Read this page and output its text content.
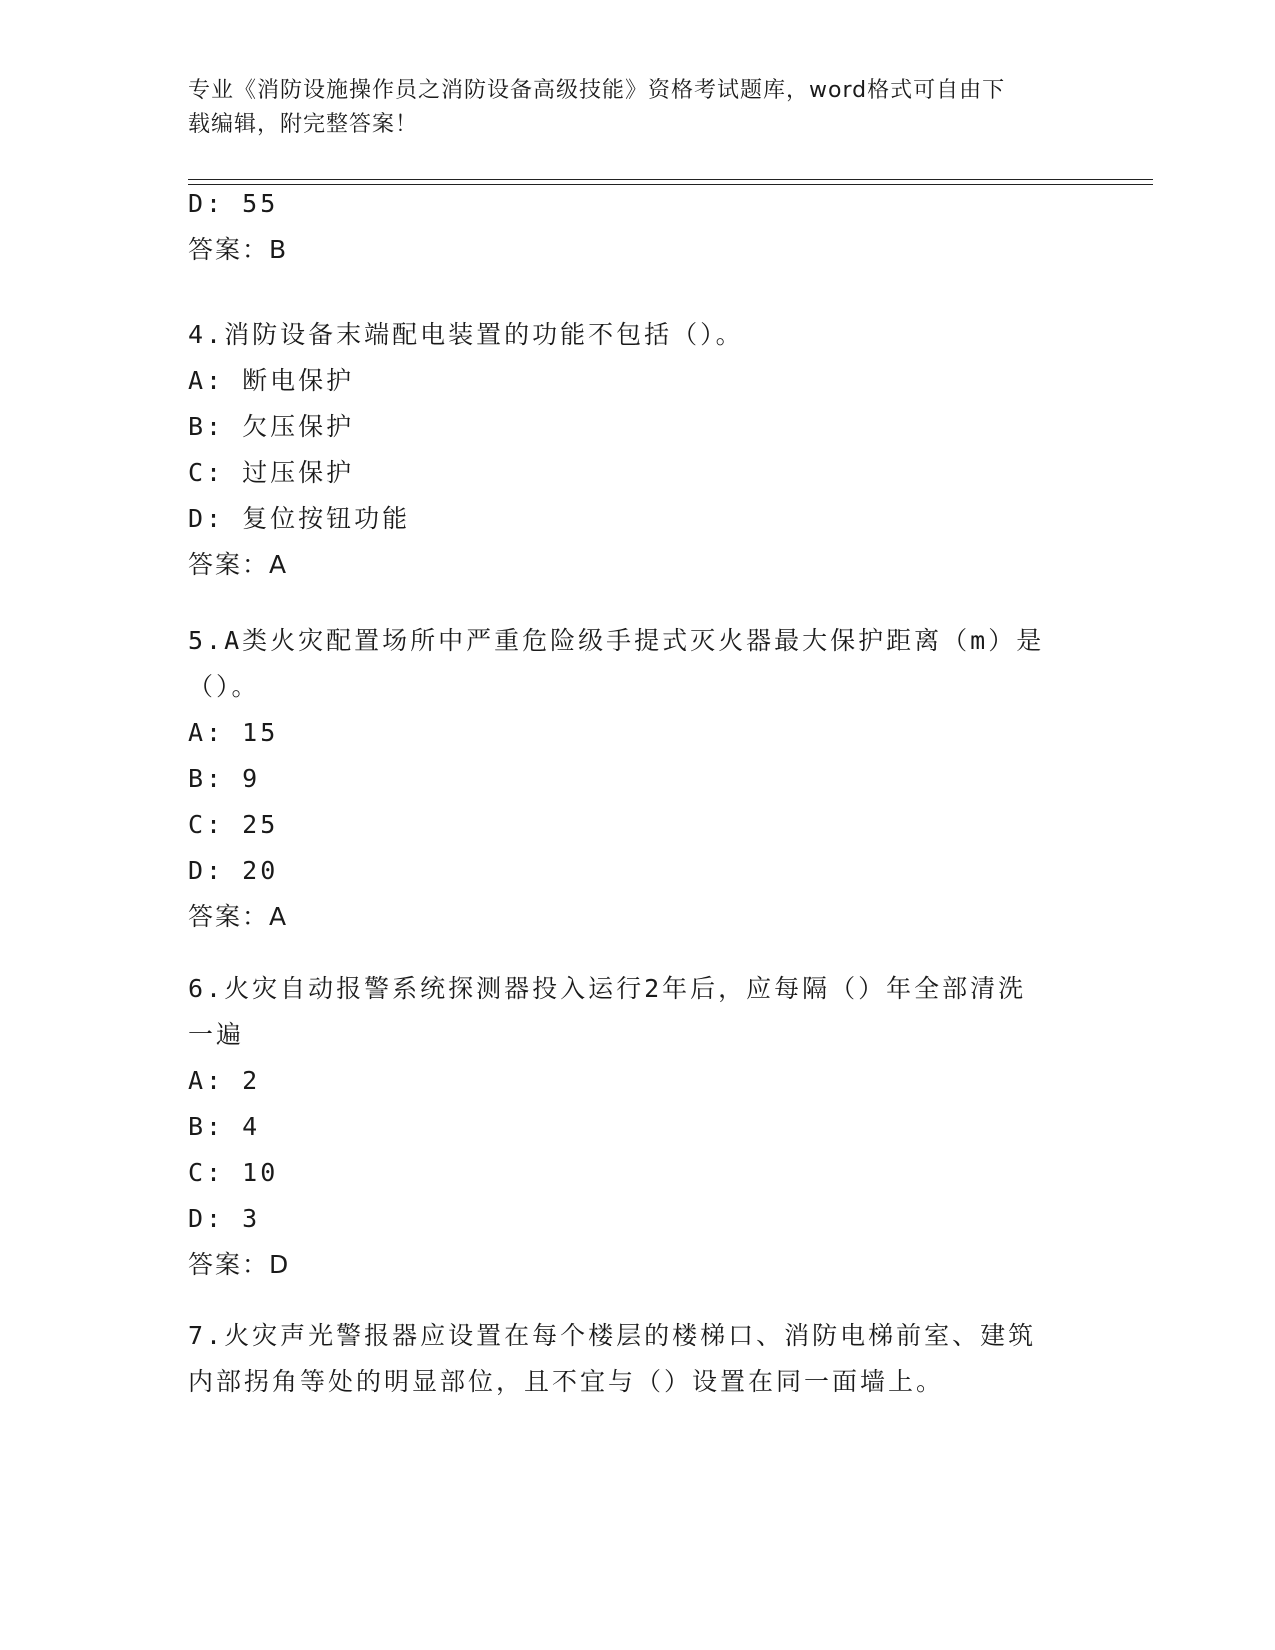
专业《消防设施操作员之消防设备高级技能》资格考试题库，word格式可自由下
载编辑，附完整答案！
D: 55
答案：B
4.消防设备末端配电装置的功能不包括（）。
A: 断电保护
B: 欠压保护
C: 过压保护
D: 复位按钮功能
答案：A
5.A类火灾配置场所中严重危险级手提式灭火器最大保护距离（m）是
（）。
A: 15
B: 9
C: 25
D: 20
答案：A
6.火灾自动报警系统探测器投入运行2年后，应每隔（）年全部清洗
一遍
A: 2
B: 4
C: 10
D: 3
答案：D
7.火灾声光警报器应设置在每个楼层的楼梯口、消防电梯前室、建筑
内部拐角等处的明显部位，且不宜与（）设置在同一面墙上。
